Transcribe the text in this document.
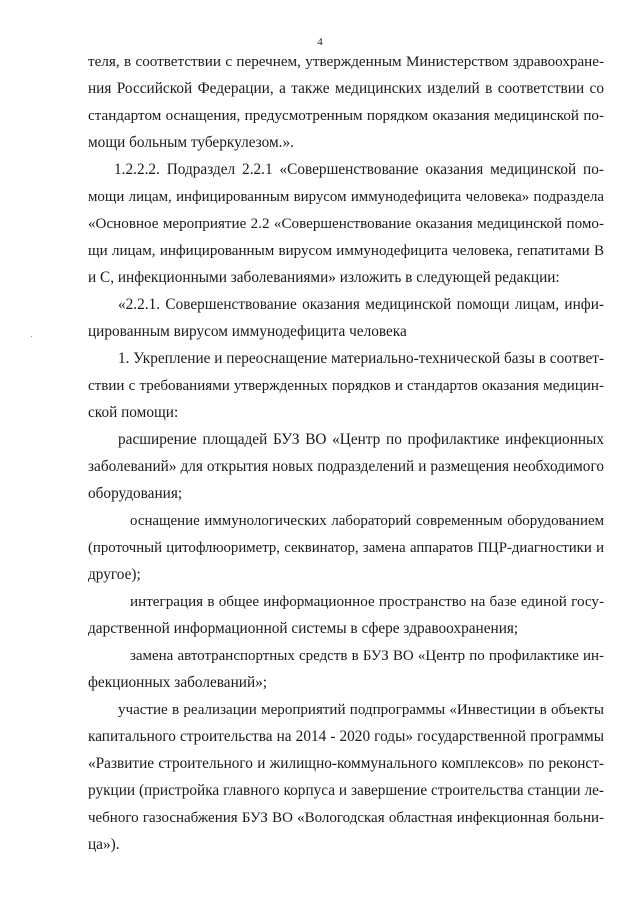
4
теля, в соответствии с перечнем, утвержденным Министерством здравоохране-
ния Российской Федерации, а также медицинских изделий в соответствии со
стандартом оснащения, предусмотренным порядком оказания медицинской по-
мощи больным туберкулезом.».
1.2.2.2. Подраздел 2.2.1 «Совершенствование оказания медицинской по-
мощи лицам, инфицированным вирусом иммунодефицита человека» подраздела
«Основное мероприятие 2.2 «Совершенствование оказания медицинской помо-
щи лицам, инфицированным вирусом иммунодефицита человека, гепатитами В
и С, инфекционными заболеваниями» изложить в следующей редакции:
«2.2.1. Совершенствование оказания медицинской помощи лицам, инфи-
цированным вирусом иммунодефицита человека
1. Укрепление и переоснащение материально-технической базы в соответ-
ствии с требованиями утвержденных порядков и стандартов оказания медицин-
ской помощи:
расширение площадей БУЗ ВО «Центр по профилактике инфекционных
заболеваний» для открытия новых подразделений и размещения необходимого
оборудования;
оснащение иммунологических лабораторий современным оборудованием
(проточный цитофлюориметр, секвинатор, замена аппаратов ПЦР-диагностики и
другое);
интеграция в общее информационное пространство на базе единой госу-
дарственной информационной системы в сфере здравоохранения;
замена автотранспортных средств в БУЗ ВО «Центр по профилактике ин-
фекционных заболеваний»;
участие в реализации мероприятий подпрограммы «Инвестиции в объекты
капитального строительства на 2014 - 2020 годы» государственной программы
«Развитие строительного и жилищно-коммунального комплексов» по реконст-
рукции (пристройка главного корпуса и завершение строительства станции ле-
чебного газоснабжения БУЗ ВО «Вологодская областная инфекционная больни-
ца»).
